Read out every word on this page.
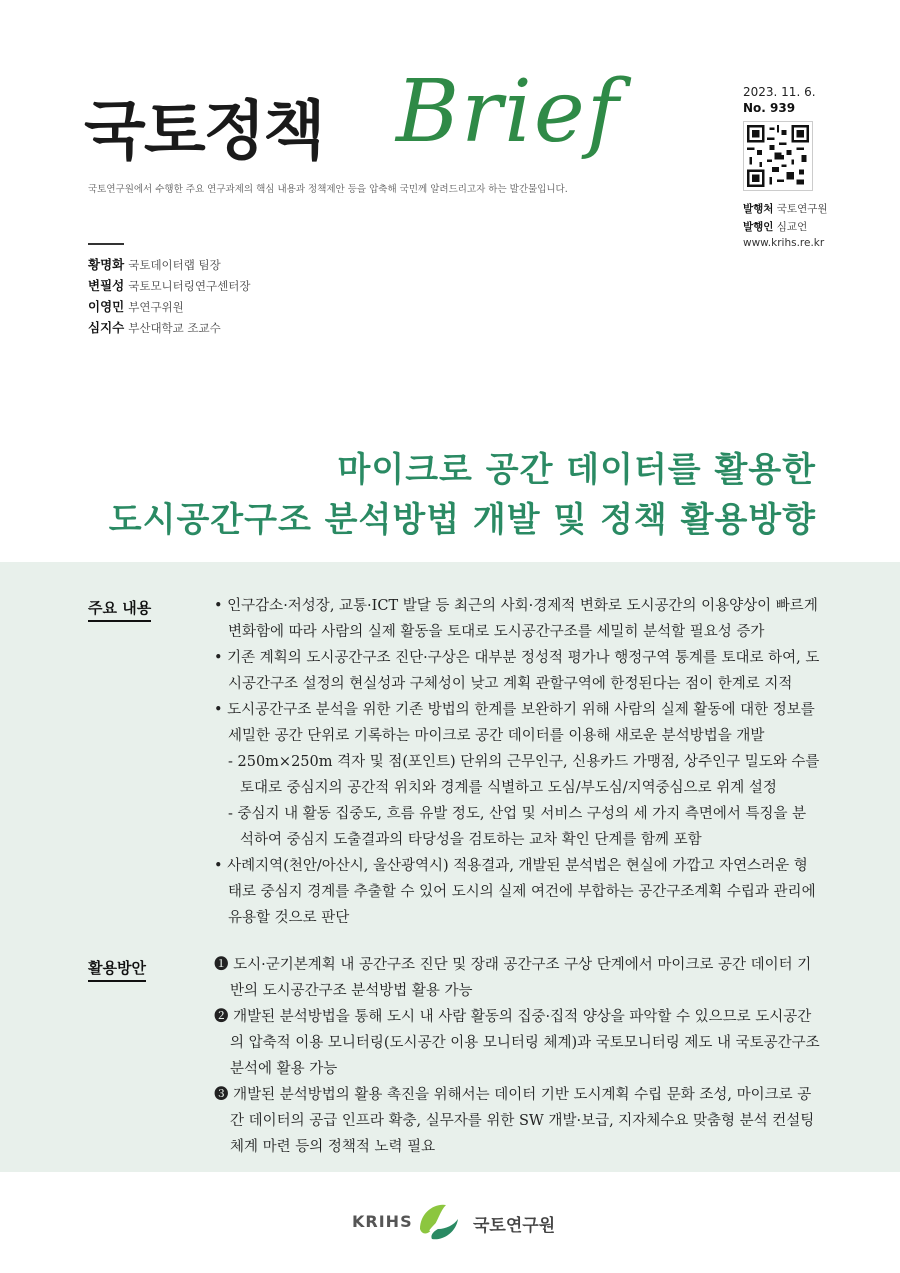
국토정책 Brief
국토연구원에서 수행한 주요 연구과제의 핵심 내용과 정책제안 등을 압축해 국민께 알려드리고자 하는 발간물입니다.
2023. 11. 6.
No. 939
발행처 국토연구원
발행인 심교언
www.krihs.re.kr
황명화 국토데이터랩 팀장
변필성 국토모니터링연구센터장
이영민 부연구위원
심지수 부산대학교 조교수
마이크로 공간 데이터를 활용한
도시공간구조 분석방법 개발 및 정책 활용방향
주요 내용	• 인구감소·저성장, 교통·ICT 발달 등 최근의 사회·경제적 변화로 도시공간의 이용양상이 빠르게 변화함에 따라 사람의 실제 활동을 토대로 도시공간구조를 세밀히 분석할 필요성 증가

• 기존 계획의 도시공간구조 진단·구상은 대부분 정성적 평가나 행정구역 통계를 토대로 하여, 도시공간구조 설정의 현실성과 구체성이 낮고 계획 관할구역에 한정된다는 점이 한계로 지적

• 도시공간구조 분석을 위한 기존 방법의 한계를 보완하기 위해 사람의 실제 활동에 대한 정보를 세밀한 공간 단위로 기록하는 마이크로 공간 데이터를 이용해 새로운 분석방법을 개발

- 250m×250m 격자 및 점(포인트) 단위의 근무인구, 신용카드 가맹점, 상주인구 밀도와 수를 토대로 중심지의 공간적 위치와 경계를 식별하고 도심/부도심/지역중심으로 위계 설정

- 중심지 내 활동 집중도, 흐름 유발 정도, 산업 및 서비스 구성의 세 가지 측면에서 특징을 분석하여 중심지 도출결과의 타당성을 검토하는 교차 확인 단계를 함께 포함

• 사례지역(천안/아산시, 울산광역시) 적용결과, 개발된 분석법은 현실에 가깝고 자연스러운 형태로 중심지 경계를 추출할 수 있어 도시의 실제 여건에 부합하는 공간구조계획 수립과 관리에 유용할 것으로 판단

활용방안	❶ 도시·군기본계획 내 공간구조 진단 및 장래 공간구조 구상 단계에서 마이크로 공간 데이터 기반의 도시공간구조 분석방법 활용 가능

❷ 개발된 분석방법을 통해 도시 내 사람 활동의 집중·집적 양상을 파악할 수 있으므로 도시공간의 압축적 이용 모니터링(도시공간 이용 모니터링 체계)과 국토모니터링 제도 내 국토공간구조 분석에 활용 가능

❸ 개발된 분석방법의 활용 촉진을 위해서는 데이터 기반 도시계획 수립 문화 조성, 마이크로 공간 데이터의 공급 인프라 확충, 실무자를 위한 SW 개발·보급, 지자체수요 맞춤형 분석 컨설팅 체계 마련 등의 정책적 노력 필요

KRIHS	국토연구원
